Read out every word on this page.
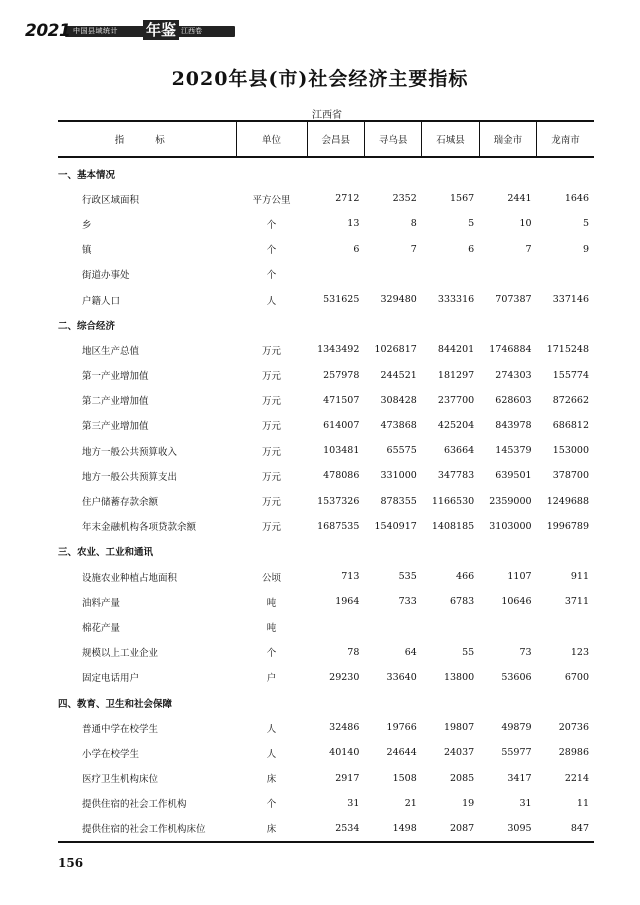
2021 中国县域统计 年鉴 江西卷
2020年县(市)社会经济主要指标
江西省
指 标	单位	会昌县	寻乌县	石城县	瑞金市	龙南市
一、基本情况						
行政区域面积	平方公里	2712	2352	1567	2441	1646
乡	个	13	8	5	10	5
镇	个	6	7	6	7	9
街道办事处	个					
户籍人口	人	531625	329480	333316	707387	337146
二、综合经济						
地区生产总值	万元	1343492	1026817	844201	1746884	1715248
第一产业增加值	万元	257978	244521	181297	274303	155774
第二产业增加值	万元	471507	308428	237700	628603	872662
第三产业增加值	万元	614007	473868	425204	843978	686812
地方一般公共预算收入	万元	103481	65575	63664	145379	153000
地方一般公共预算支出	万元	478086	331000	347783	639501	378700
住户储蓄存款余额	万元	1537326	878355	1166530	2359000	1249688
年末金融机构各项贷款余额	万元	1687535	1540917	1408185	3103000	1996789
三、农业、工业和通讯						
设施农业种植占地面积	公顷	713	535	466	1107	911
油料产量	吨	1964	733	6783	10646	3711
棉花产量	吨					
规模以上工业企业	个	78	64	55	73	123
固定电话用户	户	29230	33640	13800	53606	6700
四、教育、卫生和社会保障						
普通中学在校学生	人	32486	19766	19807	49879	20736
小学在校学生	人	40140	24644	24037	55977	28986
医疗卫生机构床位	床	2917	1508	2085	3417	2214
提供住宿的社会工作机构	个	31	21	19	31	11
提供住宿的社会工作机构床位	床	2534	1498	2087	3095	847
156
